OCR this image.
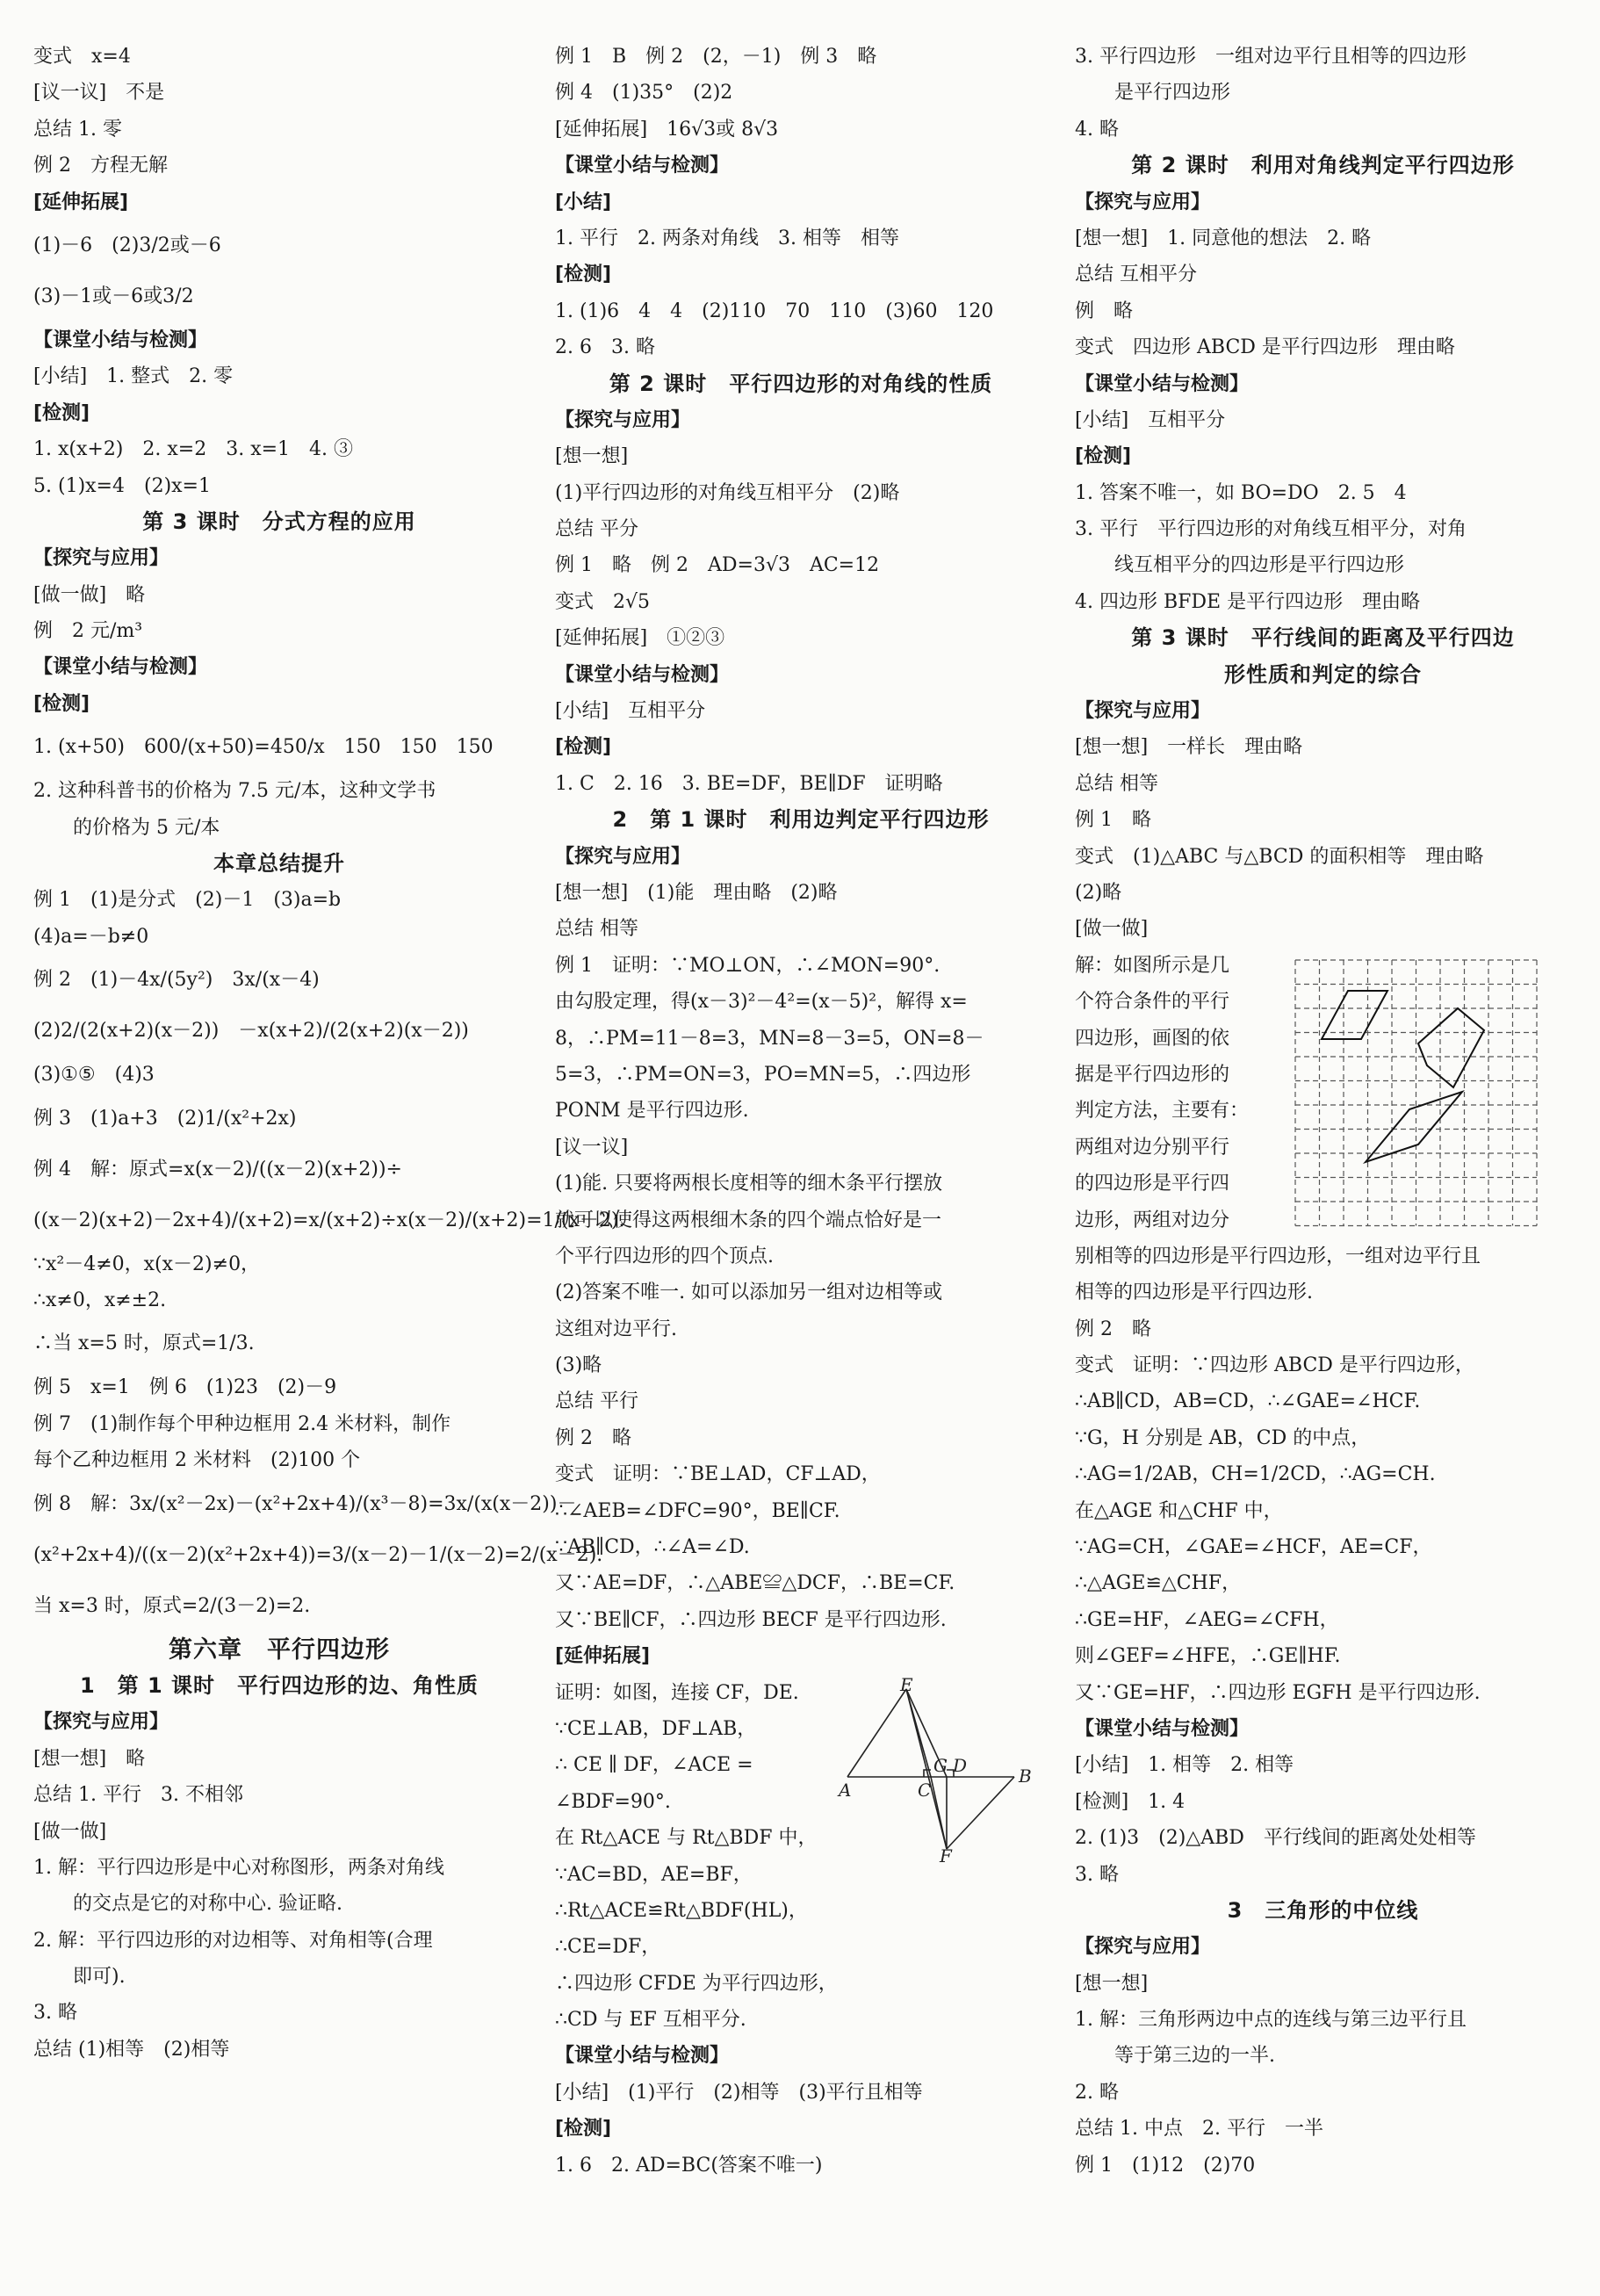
变式　x=4
[议一议]　不是
总结 1. 零
例 2　方程无解
[延伸拓展]
(1)－6　(2)3/2或－6
(3)－1或－6或3/2
【课堂小结与检测】
[小结]　1. 整式　2. 零
[检测]
1. x(x+2)　2. x=2　3. x=1　4. ③
5. (1)x=4　(2)x=1
第 3 课时　分式方程的应用
【探究与应用】
[做一做]　略
例　2 元/m³
【课堂小结与检测】
[检测]
1. (x+50)　600/(x+50)=450/x　150　150　150
2. 这种科普书的价格为 7.5 元/本，这种文学书
的价格为 5 元/本
本章总结提升
例 1　(1)是分式　(2)－1　(3)a=b
(4)a=－b≠0
例 2　(1)－4x/(5y²)　3x/(x－4)
(2)2/(2(x+2)(x－2))　－x(x+2)/(2(x+2)(x－2))
(3)①⑤　(4)3
例 3　(1)a+3　(2)1/(x²+2x)
例 4　解：原式=x(x－2)/((x－2)(x+2))÷
((x－2)(x+2)－2x+4)/(x+2)=x/(x+2)÷x(x－2)/(x+2)=1/(x－2).
∵x²－4≠0，x(x－2)≠0，
∴x≠0，x≠±2.
∴当 x=5 时，原式=1/3.
例 5　x=1　例 6　(1)23　(2)－9
例 7　(1)制作每个甲种边框用 2.4 米材料，制作
每个乙种边框用 2 米材料　(2)100 个
例 8　解：3x/(x²－2x)－(x²+2x+4)/(x³－8)=3x/(x(x－2))－
(x²+2x+4)/((x－2)(x²+2x+4))=3/(x－2)－1/(x－2)=2/(x－2).
当 x=3 时，原式=2/(3－2)=2.
第六章　平行四边形
1　第 1 课时　平行四边形的边、角性质
【探究与应用】
[想一想]　略
总结 1. 平行　3. 不相邻
[做一做]
1. 解：平行四边形是中心对称图形，两条对角线
的交点是它的对称中心. 验证略.
2. 解：平行四边形的对边相等、对角相等(合理
即可).
3. 略
总结 (1)相等　(2)相等
例 1　B　例 2　(2，－1)　例 3　略
例 4　(1)35°　(2)2
[延伸拓展]　16√3或 8√3
【课堂小结与检测】
[小结]
1. 平行　2. 两条对角线　3. 相等　相等
[检测]
1. (1)6　4　4　(2)110　70　110　(3)60　120
2. 6　3. 略
第 2 课时　平行四边形的对角线的性质
【探究与应用】
[想一想]
(1)平行四边形的对角线互相平分　(2)略
总结 平分
例 1　略　例 2　AD=3√3　AC=12
变式　2√5
[延伸拓展]　①②③
【课堂小结与检测】
[小结]　互相平分
[检测]
1. C　2. 16　3. BE=DF，BE∥DF　证明略
2　第 1 课时　利用边判定平行四边形
【探究与应用】
[想一想]　(1)能　理由略　(2)略
总结 相等
例 1　证明：∵MO⊥ON，∴∠MON=90°.
由勾股定理，得(x－3)²－4²=(x－5)²，解得 x=
8，∴PM=11－8=3，MN=8－3=5，ON=8－
5=3，∴PM=ON=3，PO=MN=5，∴四边形
PONM 是平行四边形.
[议一议]
(1)能. 只要将两根长度相等的细木条平行摆放
就可以使得这两根细木条的四个端点恰好是一
个平行四边形的四个顶点.
(2)答案不唯一. 如可以添加另一组对边相等或
这组对边平行.
(3)略
总结 平行
例 2　略
变式　证明：∵BE⊥AD，CF⊥AD，
∴∠AEB=∠DFC=90°，BE∥CF.
∵AB∥CD，∴∠A=∠D.
又∵AE=DF，∴△ABE≌△DCF，∴BE=CF.
又∵BE∥CF，∴四边形 BECF 是平行四边形.
[延伸拓展]
证明：如图，连接 CF，DE.
∵CE⊥AB，DF⊥AB，
∴ CE ∥ DF，∠ACE =
∠BDF=90°.
在 Rt△ACE 与 Rt△BDF 中，
∵AC=BD，AE=BF，
∴Rt△ACE≌Rt△BDF(HL)，
∴CE=DF，
∴四边形 CFDE 为平行四边形，
∴CD 与 EF 互相平分.
【课堂小结与检测】
[小结]　(1)平行　(2)相等　(3)平行且相等
[检测]
1. 6　2. AD=BC(答案不唯一)
3. 平行四边形　一组对边平行且相等的四边形
是平行四边形
4. 略
第 2 课时　利用对角线判定平行四边形
【探究与应用】
[想一想]　1. 同意他的想法　2. 略
总结 互相平分
例　略
变式　四边形 ABCD 是平行四边形　理由略
【课堂小结与检测】
[小结]　互相平分
[检测]
1. 答案不唯一，如 BO=DO　2. 5　4
3. 平行　平行四边形的对角线互相平分，对角
线互相平分的四边形是平行四边形
4. 四边形 BFDE 是平行四边形　理由略
第 3 课时　平行线间的距离及平行四边
形性质和判定的综合
【探究与应用】
[想一想]　一样长　理由略
总结 相等
例 1　略
变式　(1)△ABC 与△BCD 的面积相等　理由略
(2)略
[做一做]
解：如图所示是几
个符合条件的平行
四边形，画图的依
据是平行四边形的
判定方法，主要有：
两组对边分别平行
的四边形是平行四
边形，两组对边分
别相等的四边形是平行四边形，一组对边平行且
相等的四边形是平行四边形.
例 2　略
变式　证明：∵四边形 ABCD 是平行四边形，
∴AB∥CD，AB=CD，∴∠GAE=∠HCF.
∵G，H 分别是 AB，CD 的中点，
∴AG=1/2AB，CH=1/2CD，∴AG=CH.
在△AGE 和△CHF 中，
∵AG=CH，∠GAE=∠HCF，AE=CF，
∴△AGE≌△CHF，
∴GE=HF，∠AEG=∠CFH，
则∠GEF=∠HFE，∴GE∥HF.
又∵GE=HF，∴四边形 EGFH 是平行四边形.
【课堂小结与检测】
[小结]　1. 相等　2. 相等
[检测]　1. 4
2. (1)3　(2)△ABD　平行线间的距离处处相等
3. 略
3　三角形的中位线
【探究与应用】
[想一想]
1. 解：三角形两边中点的连线与第三边平行且
等于第三边的一半.
2. 略
总结 1. 中点　2. 平行　一半
例 1　(1)12　(2)70
E
A	C
G D	B
F
